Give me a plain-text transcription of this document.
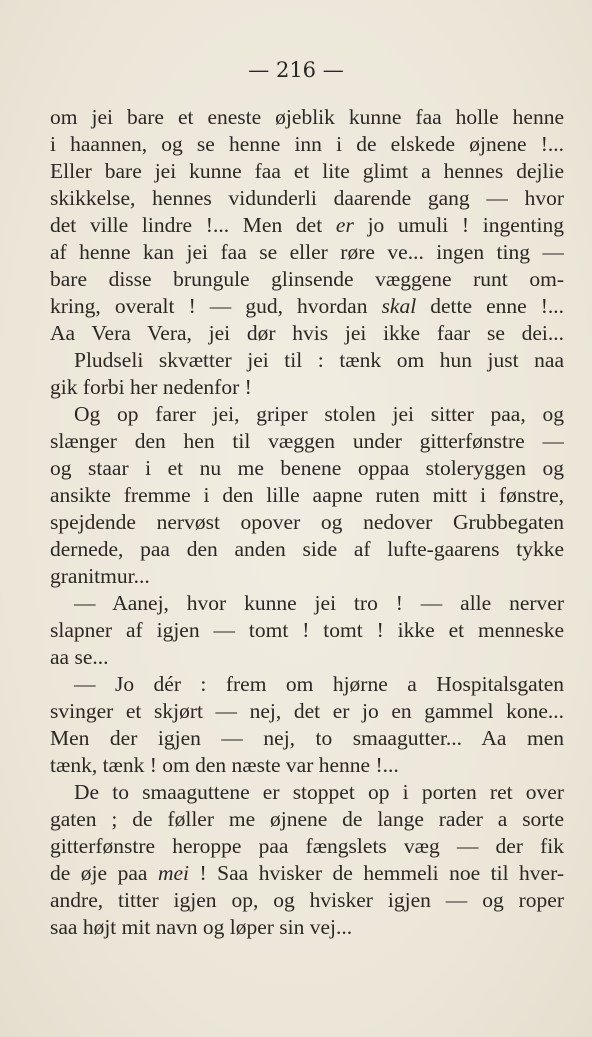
— 216 —
om jei bare et eneste øjeblik kunne faa holle henne
i haannen, og se henne inn i de elskede øjnene !...
Eller bare jei kunne faa et lite glimt a hennes dejlie
skikkelse, hennes vidunderli daarende gang — hvor
det ville lindre !... Men det er jo umuli ! ingenting
af henne kan jei faa se eller røre ve... ingen ting —
bare disse brungule glinsende væggene runt om-
kring, overalt ! — gud, hvordan skal dette enne !...
Aa Vera Vera, jei dør hvis jei ikke faar se dei...
Pludseli skvætter jei til : tænk om hun just naa
gik forbi her nedenfor !
Og op farer jei, griper stolen jei sitter paa, og
slænger den hen til væggen under gitterfønstre —
og staar i et nu me benene oppaa stoleryggen og
ansikte fremme i den lille aapne ruten mitt i fønstre,
spejdende nervøst opover og nedover Grubbegaten
dernede, paa den anden side af lufte-gaarens tykke
granitmur...
— Aanej, hvor kunne jei tro ! — alle nerver
slapner af igjen — tomt ! tomt ! ikke et menneske
aa se...
— Jo dér : frem om hjørne a Hospitalsgaten
svinger et skjørt — nej, det er jo en gammel kone...
Men der igjen — nej, to smaagutter... Aa men
tænk, tænk ! om den næste var henne !...
De to smaaguttene er stoppet op i porten ret over
gaten ; de føller me øjnene de lange rader a sorte
gitterfønstre heroppe paa fængslets væg — der fik
de øje paa mei ! Saa hvisker de hemmeli noe til hver-
andre, titter igjen op, og hvisker igjen — og roper
saa højt mit navn og løper sin vej...
